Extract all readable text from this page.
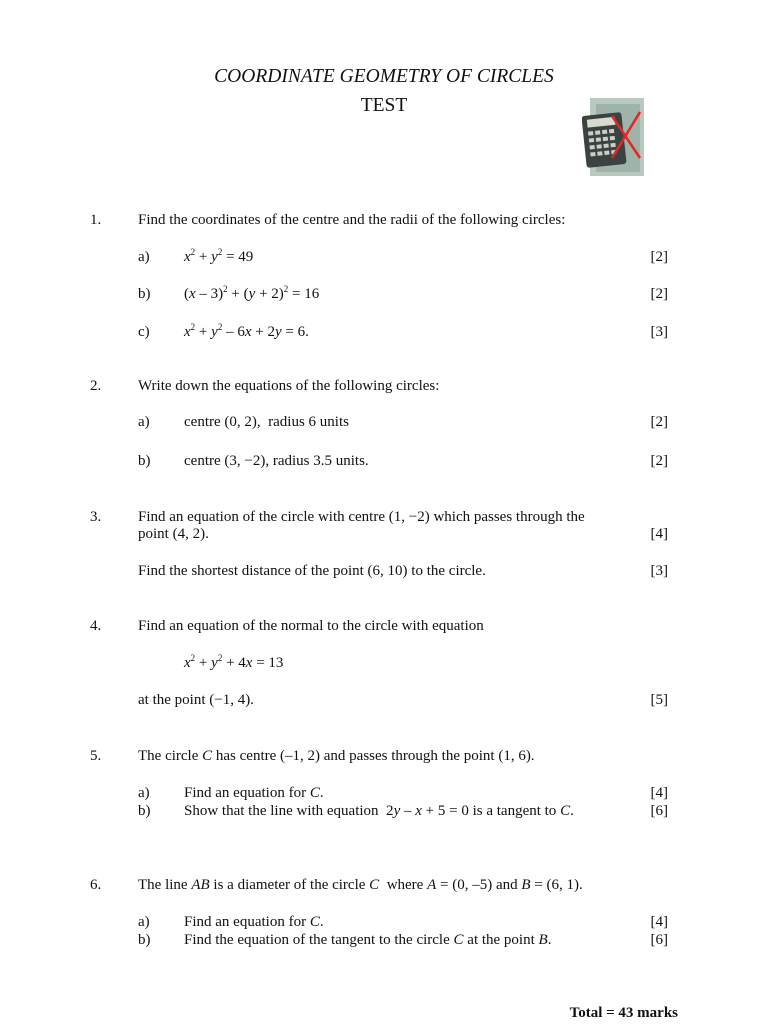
COORDINATE GEOMETRY OF CIRCLES
TEST
1. Find the coordinates of the centre and the radii of the following circles:
a) $x^2 + y^2 = 49$	[2]
b) $(x - 3)^2 + (y + 2)^2 = 16$	[2]
c) $x^2 + y^2 - 6x + 2y = 6$.	[3]
2. Write down the equations of the following circles:
a) centre (0, 2),  radius 6 units	[2]
b) centre (3, −2), radius 3.5 units.	[2]
3. Find an equation of the circle with centre (1, −2) which passes through the
point (4, 2).	[4]
Find the shortest distance of the point (6, 10) to the circle.	[3]
4. Find an equation of the normal to the circle with equation
$x^2 + y^2 + 4x = 13$
at the point (−1, 4).	[5]
5. The circle C has centre (–1, 2) and passes through the point (1, 6).
a) Find an equation for C.	[4]
b) Show that the line with equation  2y – x + 5 = 0 is a tangent to C.	[6]
6. The line AB is a diameter of the circle C  where A = (0, –5) and B = (6, 1).
a) Find an equation for C.	[4]
b) Find the equation of the tangent to the circle C at the point B.	[6]
Total = 43 marks
